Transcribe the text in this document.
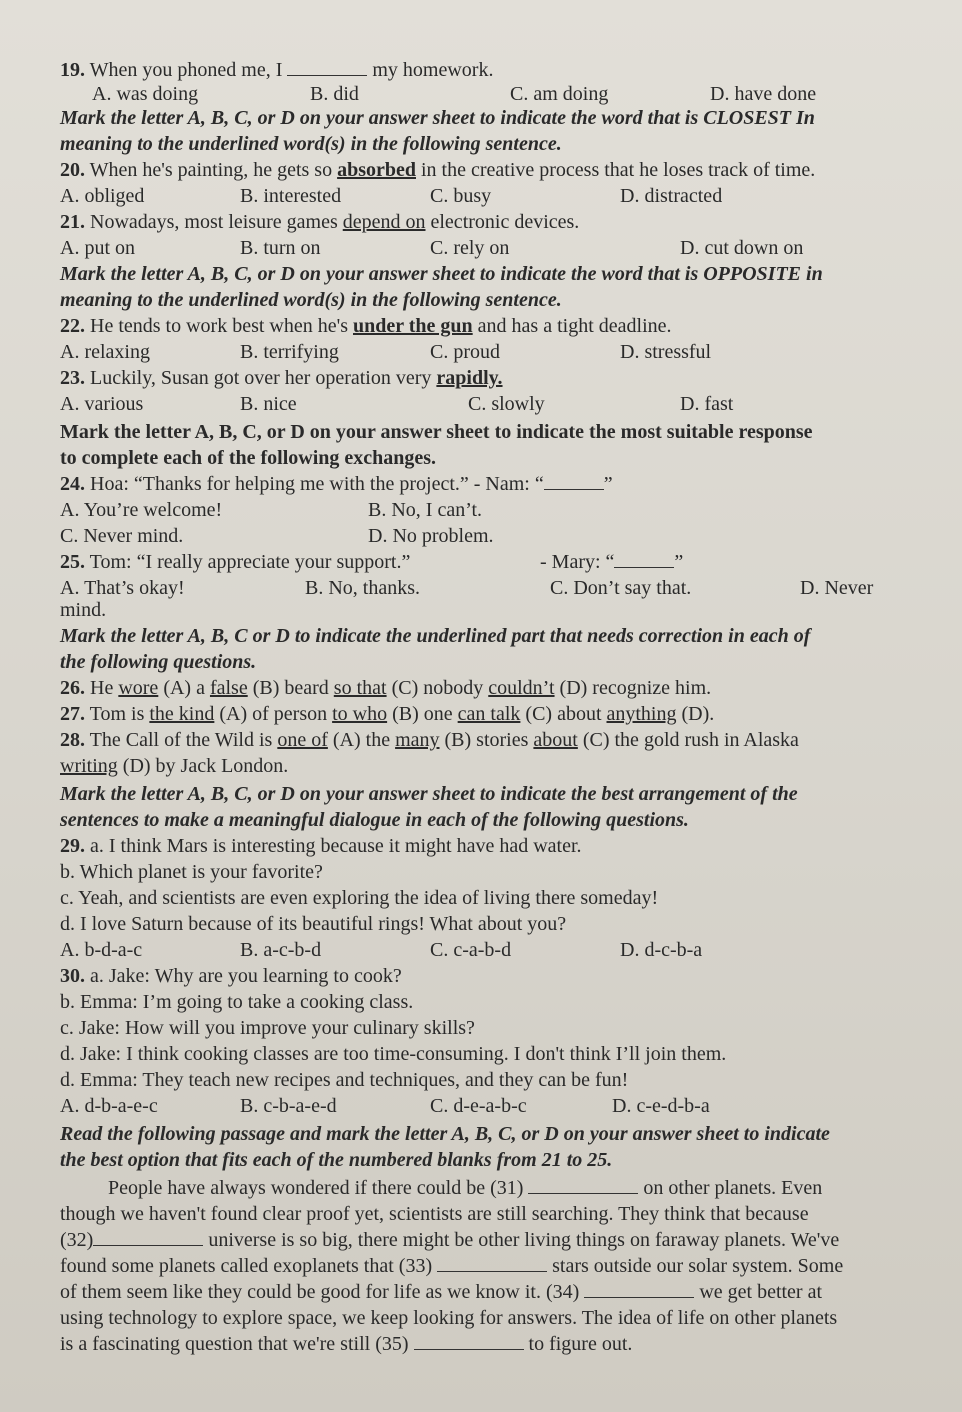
19. When you phoned me, I	my homework.
A. was doing	B. did	C. am doing	D. have done
Mark the letter A, B, C, or D on your answer sheet to indicate the word that is CLOSEST In
meaning to the underlined word(s) in the following sentence.
20. When he's painting, he gets so absorbed in the creative process that he loses track of time.
A. obliged	B. interested	C. busy	D. distracted
21. Nowadays, most leisure games depend on electronic devices.
A. put on	B. turn on	C. rely on	D. cut down on
Mark the letter A, B, C, or D on your answer sheet to indicate the word that is OPPOSITE in
meaning to the underlined word(s) in the following sentence.
22. He tends to work best when he's under the gun and has a tight deadline.
A. relaxing	B. terrifying	C. proud	D. stressful
23. Luckily, Susan got over her operation very rapidly.
A. various	B. nice	C. slowly	D. fast
Mark the letter A, B, C, or D on your answer sheet to indicate the most suitable response
to complete each of the following exchanges.
24. Hoa: “Thanks for helping me with the project.” - Nam: “	”
A. You’re welcome!	B. No, I can’t.
C. Never mind.	D. No problem.
25. Tom: “I really appreciate your support.”	- Mary: “	”
A. That’s okay!	B. No, thanks.	C. Don’t say that.	D. Never
mind.
Mark the letter A, B, C or D to indicate the underlined part that needs correction in each of
the following questions.
26. He wore (A) a false (B) beard so that (C) nobody couldn’t (D) recognize him.
27. Tom is the kind (A) of person to who (B) one can talk (C) about anything (D).
28. The Call of the Wild is one of (A) the many (B) stories about (C) the gold rush in Alaska
writing (D) by Jack London.
Mark the letter A, B, C, or D on your answer sheet to indicate the best arrangement of the
sentences to make a meaningful dialogue in each of the following questions.
29. a. I think Mars is interesting because it might have had water.
b. Which planet is your favorite?
c. Yeah, and scientists are even exploring the idea of living there someday!
d. I love Saturn because of its beautiful rings! What about you?
A. b-d-a-c	B. a-c-b-d	C. c-a-b-d	D. d-c-b-a
30. a. Jake: Why are you learning to cook?
b. Emma: I’m going to take a cooking class.
c. Jake: How will you improve your culinary skills?
d. Jake: I think cooking classes are too time-consuming. I don't think I’ll join them.
d. Emma: They teach new recipes and techniques, and they can be fun!
A. d-b-a-e-c	B. c-b-a-e-d	C. d-e-a-b-c	D. c-e-d-b-a
Read the following passage and mark the letter A, B, C, or D on your answer sheet to indicate
the best option that fits each of the numbered blanks from 21 to 25.
People have always wondered if there could be (31)	on other planets. Even
though we haven't found clear proof yet, scientists are still searching. They think that because
(32)	universe is so big, there might be other living things on faraway planets. We've
found some planets called exoplanets that (33)	stars outside our solar system. Some
of them seem like they could be good for life as we know it. (34)	we get better at
using technology to explore space, we keep looking for answers. The idea of life on other planets
is a fascinating question that we're still (35)	to figure out.
